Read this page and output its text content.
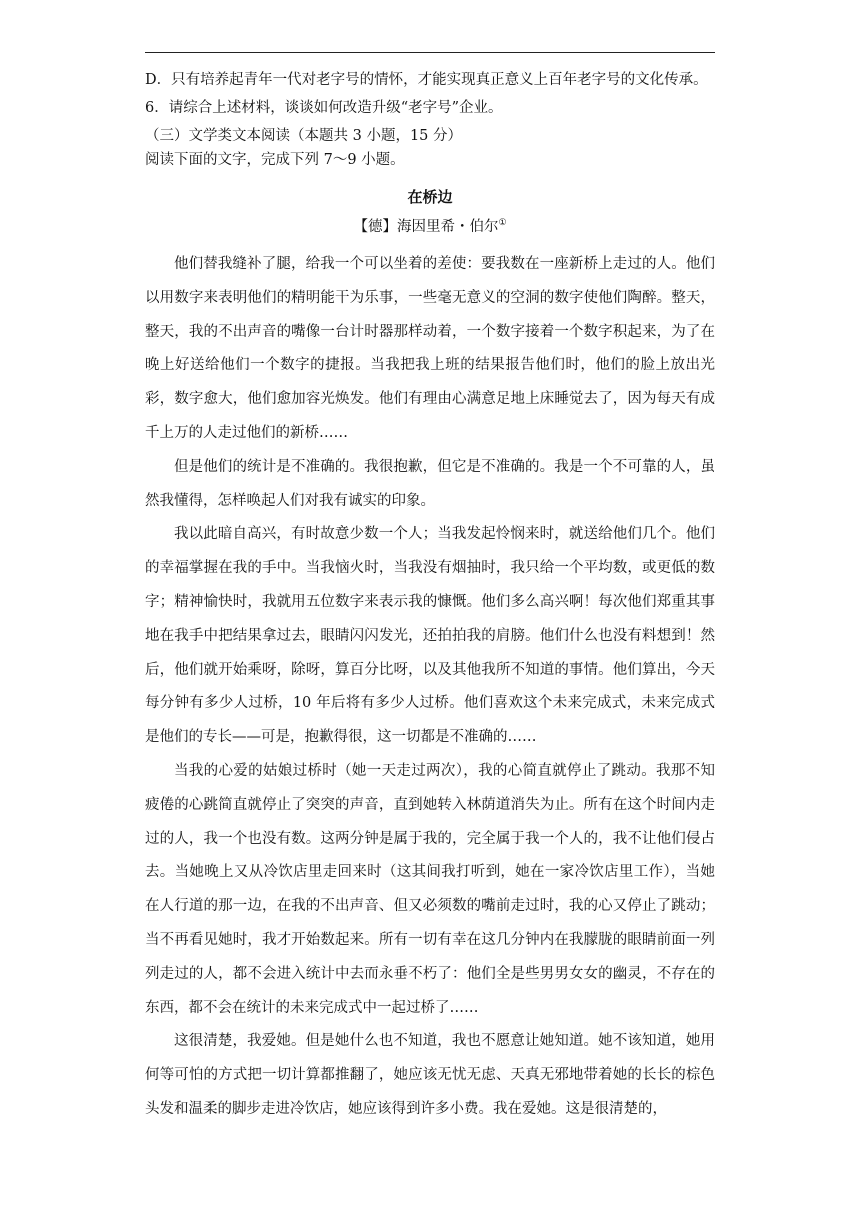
D．只有培养起青年一代对老字号的情怀，才能实现真正意义上百年老字号的文化传承。
6．请综合上述材料，谈谈如何改造升级“老字号”企业。
（三）文学类文本阅读（本题共 3 小题，15 分）
阅读下面的文字，完成下列 7～9 小题。
在桥边
【德】海因里希・伯尔①

他们替我缝补了腿，给我一个可以坐着的差使：要我数在一座新桥上走过的人。他们以用数字来表明他们的精明能干为乐事，一些毫无意义的空洞的数字使他们陶醉。整天，整天，我的不出声音的嘴像一台计时器那样动着，一个数字接着一个数字积起来，为了在晚上好送给他们一个数字的捷报。当我把我上班的结果报告他们时，他们的脸上放出光彩，数字愈大，他们愈加容光焕发。他们有理由心满意足地上床睡觉去了，因为每天有成千上万的人走过他们的新桥……

但是他们的统计是不准确的。我很抱歉，但它是不准确的。我是一个不可靠的人，虽然我懂得，怎样唤起人们对我有诚实的印象。

我以此暗自高兴，有时故意少数一个人；当我发起怜悯来时，就送给他们几个。他们的幸福掌握在我的手中。当我恼火时，当我没有烟抽时，我只给一个平均数，或更低的数字；精神愉快时，我就用五位数字来表示我的慷慨。他们多么高兴啊！每次他们郑重其事地在我手中把结果拿过去，眼睛闪闪发光，还拍拍我的肩膀。他们什么也没有料想到！然后，他们就开始乘呀，除呀，算百分比呀，以及其他我所不知道的事情。他们算出，今天每分钟有多少人过桥，10 年后将有多少人过桥。他们喜欢这个未来完成式，未来完成式是他们的专长——可是，抱歉得很，这一切都是不准确的……

当我的心爱的姑娘过桥时（她一天走过两次），我的心简直就停止了跳动。我那不知疲倦的心跳简直就停止了突突的声音，直到她转入林荫道消失为止。所有在这个时间内走过的人，我一个也没有数。这两分钟是属于我的，完全属于我一个人的，我不让他们侵占去。当她晚上又从冷饮店里走回来时（这其间我打听到，她在一家冷饮店里工作），当她在人行道的那一边，在我的不出声音、但又必须数的嘴前走过时，我的心又停止了跳动；当不再看见她时，我才开始数起来。所有一切有幸在这几分钟内在我朦胧的眼睛前面一列列走过的人，都不会进入统计中去而永垂不朽了：他们全是些男男女女的幽灵，不存在的东西，都不会在统计的未来完成式中一起过桥了……

这很清楚，我爱她。但是她什么也不知道，我也不愿意让她知道。她不该知道，她用何等可怕的方式把一切计算都推翻了，她应该无忧无虑、天真无邪地带着她的长长的棕色头发和温柔的脚步走进冷饮店，她应该得到许多小费。我在爱她。这是很清楚的，
